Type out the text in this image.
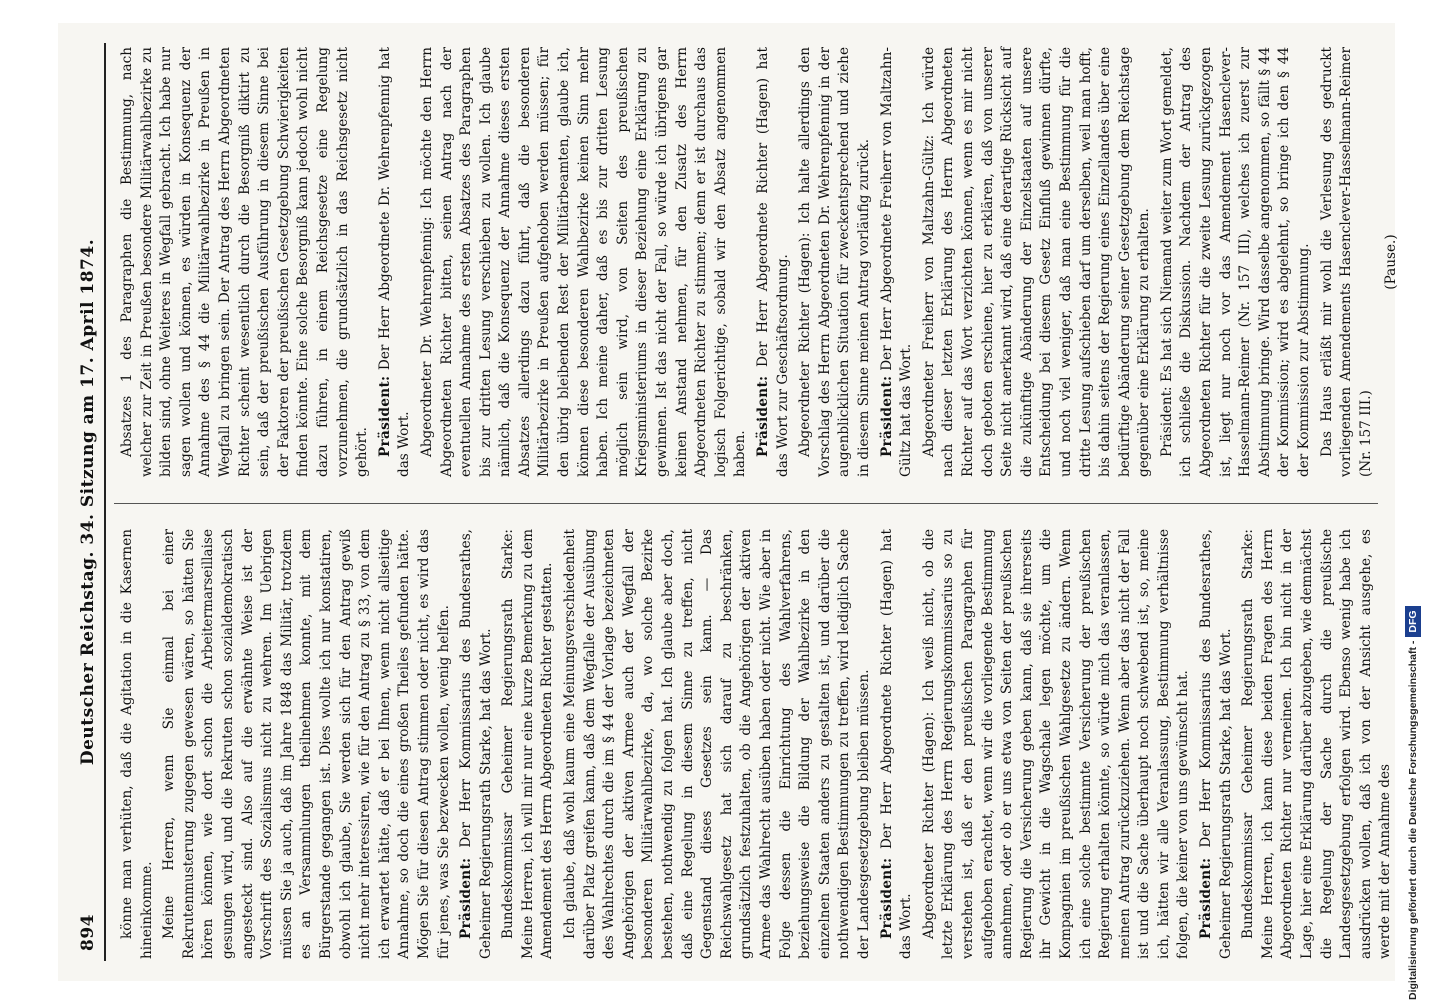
894
Deutscher Reichstag. 34. Sitzung am 17. April 1874. könne man verhüten, daß die Agitation in die Kasernen hineinkomme. Meine Herren, wenn Sie einmal bei einer Rekrutenmusterung zugegen gewesen wären, so hätten Sie hören können, wie dort schon die Arbeitermarseillaise gesungen wird, und die Rekruten schon sozialdemokratisch angesteckt sind. Also auf die erwähnte Weise ist der Vorschrift des Sozialismus nicht zu wehren. Im Uebrigen müssen Sie ja auch, daß im Jahre 1848 das Militär, trotzdem es an Versammlungen theilnehmen konnte, mit dem Bürgerstande gegangen ist. Dies wollte ich nur konstatiren, obwohl ich glaube, Sie werden sich für den Antrag gewiß nicht mehr interessiren, wie für den Antrag zu § 33, von dem ich erwartet hätte, daß er bei Ihnen, wenn nicht allseitige Annahme, so doch die eines großen Theiles gefunden hätte. Mögen Sie für diesen Antrag stimmen oder nicht, es wird das für jenes, was Sie bezwecken wollen, wenig helfen. Präsident: Der Herr Kommissarius des Bundesrathes, Geheimer Regierungsrath Starke, hat das Wort. Bundeskommissar Geheimer Regierungsrath Starke: Meine Herren, ich will mir nur eine kurze Bemerkung zu dem Amendement des Herrn Abgeordneten Richter gestatten. Ich glaube, daß wohl kaum eine Meinungsverschiedenheit darüber Platz greifen kann, daß dem Wegfalle der Ausübung des Wahlrechtes durch die im § 44 der Vorlage bezeichneten Angehörigen der aktiven Armee auch der Wegfall der besonderen Militärwahlbezirke, da, wo solche Bezirke bestehen, nothwendig zu folgen hat. Ich glaube aber doch, daß eine Regelung in diesem Sinne zu treffen, nicht Gegenstand dieses Gesetzes sein kann. — Das Reichswahlgesetz hat sich darauf zu beschränken, grundsätzlich festzuhalten, ob die Angehörigen der aktiven Armee das Wahlrecht ausüben haben oder nicht. Wie aber in Folge dessen die Einrichtung des Wahlverfahrens, beziehungsweise die Bildung der Wahlbezirke in den einzelnen Staaten anders zu gestalten ist, und darüber die nothwendigen Bestimmungen zu treffen, wird lediglich Sache der Landesgesetzgebung bleiben müssen. Präsident: Der Herr Abgeordnete Richter (Hagen) hat das Wort. Abgeordneter Richter (Hagen): Ich weiß nicht, ob die letzte Erklärung des Herrn Regierungskommissarius so zu verstehen ist, daß er den preußischen Paragraphen für aufgehoben erachtet, wenn wir die vorliegende Bestimmung annehmen, oder ob er uns etwa von Seiten der preußischen Regierung die Versicherung geben kann, daß sie ihrerseits ihr Gewicht in die Wagschale legen möchte, um die Kompagnien im preußischen Wahlgesetze zu ändern. Wenn ich eine solche bestimmte Versicherung der preußischen Regierung erhalten könnte, so würde mich das veranlassen, meinen Antrag zurückzuziehen. Wenn aber das nicht der Fall ist und die Sache überhaupt noch schwebend ist, so, meine ich, hätten wir alle Veranlassung, Bestimmung verhältnisse folgen, die keiner von uns gewünscht hat. Präsident: Der Herr Kommissarius des Bundesrathes, Geheimer Regierungsrath Starke, hat das Wort. Bundeskommissar Geheimer Regierungsrath Starke: Meine Herren, ich kann diese beiden Fragen des Herrn Abgeordneten Richter nur verneinen. Ich bin nicht in der Lage, hier eine Erklärung darüber abzugeben, wie demnächst die Regelung der Sache durch die preußische Landesgesetzgebung erfolgen wird. Ebenso wenig habe ich ausdrücken wollen, daß ich von der Ansicht ausgehe, es werde mit der Annahme des

Absatzes 1 des Paragraphen die Bestimmung, nach welcher zur Zeit in Preußen besondere Militärwahlbezirke zu bilden sind, ohne Weiteres in Wegfall gebracht. Ich habe nur sagen wollen und können, es würden in Konsequenz der Annahme des § 44 die Militärwahlbezirke in Preußen in Wegfall zu bringen sein. Der Antrag des Herrn Abgeordneten Richter scheint wesentlich durch die Besorgniß diktirt zu sein, daß der preußischen Ausführung in diesem Sinne bei der Faktoren der preußischen Gesetzgebung Schwierigkeiten finden könnte. Eine solche Besorgniß kann jedoch wohl nicht dazu führen, in einem Reichsgesetze eine Regelung vorzunehmen, die grundsätzlich in das Reichsgesetz nicht gehört. Präsident: Der Herr Abgeordnete Dr. Wehrenpfennig hat das Wort. Abgeordneter Dr. Wehrenpfennig: Ich möchte den Herrn Abgeordneten Richter bitten, seinen Antrag nach der eventuellen Annahme des ersten Absatzes des Paragraphen bis zur dritten Lesung verschieben zu wollen. Ich glaube nämlich, daß die Konsequenz der Annahme dieses ersten Absatzes allerdings dazu führt, daß die besonderen Militärbezirke in Preußen aufgehoben werden müssen; für den übrig bleibenden Rest der Militärbeamten, glaube ich, können diese besonderen Wahlbezirke keinen Sinn mehr haben. Ich meine daher, daß es bis zur dritten Lesung möglich sein wird, von Seiten des preußischen Kriegsministeriums in dieser Beziehung eine Erklärung zu gewinnen. Ist das nicht der Fall, so würde ich übrigens gar keinen Anstand nehmen, für den Zusatz des Herrn Abgeordneten Richter zu stimmen; denn er ist durchaus das logisch Folgerichtige, sobald wir den Absatz angenommen haben. Präsident: Der Herr Abgeordnete Richter (Hagen) hat das Wort zur Geschäftsordnung. Abgeordneter Richter (Hagen): Ich halte allerdings den Vorschlag des Herrn Abgeordneten Dr. Wehrenpfennig in der augenblicklichen Situation für zweckentsprechend und ziehe in diesem Sinne meinen Antrag vorläufig zurück. Präsident: Der Herr Abgeordnete Freiherr von Maltzahn-Gültz hat das Wort. Abgeordneter Freiherr von Maltzahn-Gültz: Ich würde nach dieser letzten Erklärung des Herrn Abgeordneten Richter auf das Wort verzichten können, wenn es mir nicht doch geboten erschiene, hier zu erklären, daß von unserer Seite nicht anerkannt wird, daß eine derartige Rücksicht auf die zukünftige Abänderung der Einzelstaaten auf unsere Entscheidung bei diesem Gesetz Einfluß gewinnen dürfte, und noch viel weniger, daß man eine Bestimmung für die dritte Lesung aufschieben darf um derselben, weil man hofft, bis dahin seitens der Regierung eines Einzellandes über eine bedürftige Abänderung seiner Gesetzgebung dem Reichstage gegenüber eine Erklärung zu erhalten. Präsident: Es hat sich Niemand weiter zum Wort gemeldet, ich schließe die Diskussion. Nachdem der Antrag des Abgeordneten Richter für die zweite Lesung zurückgezogen ist, liegt nur noch vor das Amendement Hasenclever-Hasselmann-Reimer (Nr. 157 III), welches ich zuerst zur Abstimmung bringe. Wird dasselbe angenommen, so fällt § 44 der Kommission; wird es abgelehnt, so bringe ich den § 44 der Kommission zur Abstimmung. Das Haus erläßt mir wohl die Verlesung des gedruckt vorliegenden Amendements Hasenclever-Hasselmann-Reimer (Nr. 157 III.)

(Pause.)

Digitalisierung gefördert durch die Deutsche Forschungsgemeinschaft -DFG
